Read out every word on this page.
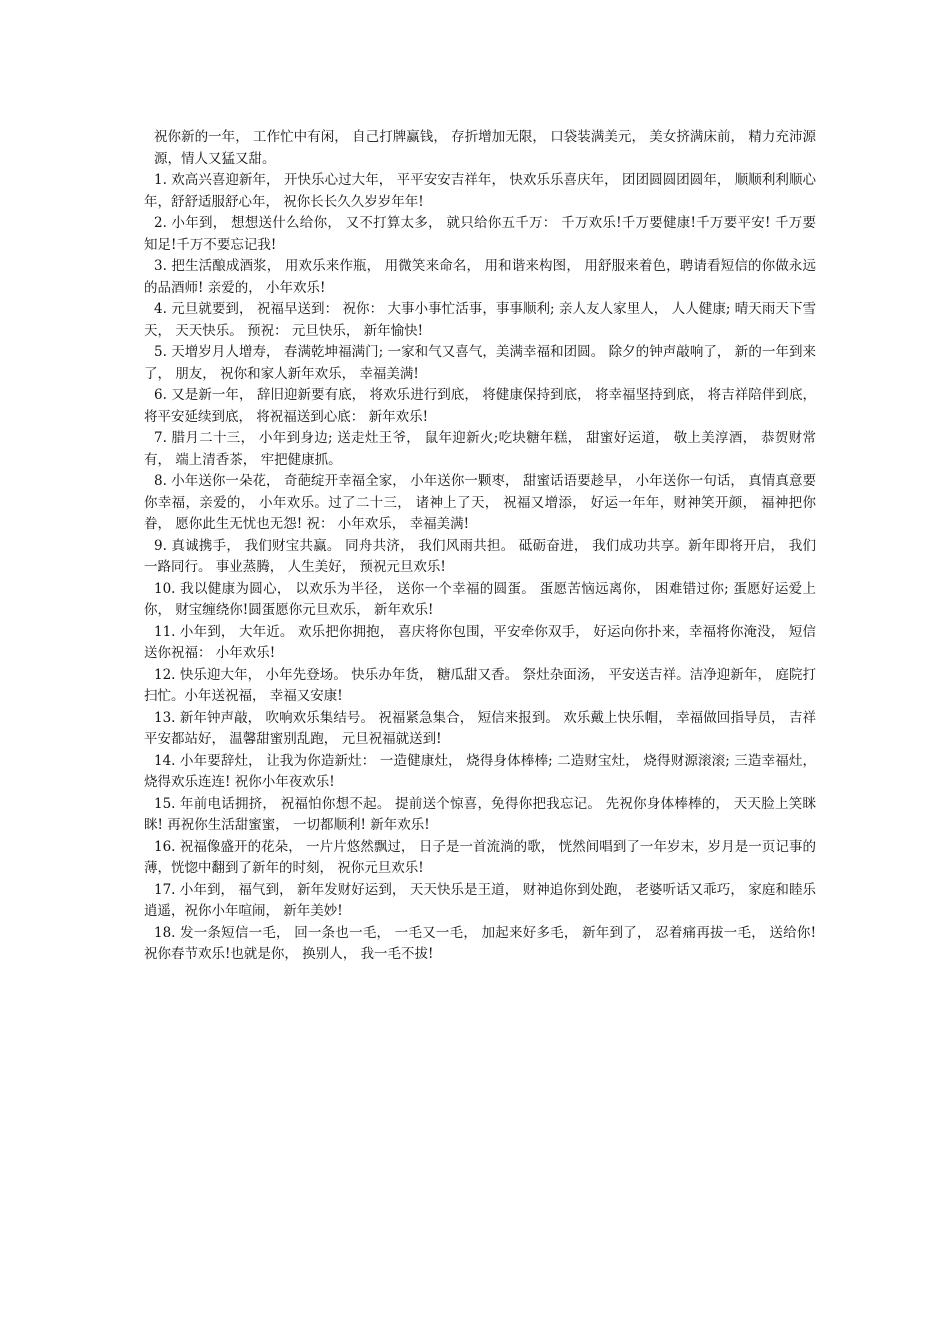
祝你新的一年， 工作忙中有闲， 自己打牌赢钱， 存折增加无限， 口袋装满美元， 美女挤满床前， 精力充沛源源，情人又猛又甜。

1. 欢高兴喜迎新年， 开快乐心过大年， 平平安安吉祥年， 快欢乐乐喜庆年， 团团圆圆团圆年， 顺顺利利顺心年，舒舒适服舒心年， 祝你长长久久岁岁年年!

2. 小年到， 想想送什么给你， 又不打算太多， 就只给你五千万： 千万欢乐!千万要健康!千万要平安! 千万要知足!千万不要忘记我!

3. 把生活酿成酒浆， 用欢乐来作瓶， 用微笑来命名， 用和谐来构图， 用舒服来着色，聘请看短信的你做永远的品酒师! 亲爱的， 小年欢乐!

4. 元旦就要到， 祝福早送到： 祝你： 大事小事忙活事，事事顺利; 亲人友人家里人， 人人健康; 晴天雨天下雪天， 天天快乐。 预祝： 元旦快乐， 新年愉快!

5. 天增岁月人增寿， 春满乾坤福满门; 一家和气又喜气，美满幸福和团圆。 除夕的钟声敲响了， 新的一年到来了， 朋友， 祝你和家人新年欢乐， 幸福美满!

6. 又是新一年， 辞旧迎新要有底， 将欢乐进行到底， 将健康保持到底， 将幸福坚持到底， 将吉祥陪伴到底， 将平安延续到底， 将祝福送到心底： 新年欢乐!

7. 腊月二十三， 小年到身边; 送走灶王爷， 鼠年迎新火;吃块糖年糕， 甜蜜好运道， 敬上美淳酒， 恭贺财常有， 端上清香茶， 牢把健康抓。

8. 小年送你一朵花， 奇葩绽开幸福全家， 小年送你一颗枣， 甜蜜话语要趁早， 小年送你一句话， 真情真意要你幸福，亲爱的， 小年欢乐。过了二十三， 诸神上了天， 祝福又增添， 好运一年年，财神笑开颜， 福神把你眷， 愿你此生无忧也无怨! 祝： 小年欢乐， 幸福美满!

9. 真诚携手， 我们财宝共赢。 同舟共济， 我们风雨共担。 砥砺奋进， 我们成功共享。新年即将开启， 我们一路同行。 事业蒸腾， 人生美好， 预祝元旦欢乐!

10. 我以健康为圆心， 以欢乐为半径， 送你一个幸福的圆蛋。 蛋愿苦恼远离你， 困难错过你; 蛋愿好运爱上你， 财宝缠绕你!圆蛋愿你元旦欢乐， 新年欢乐!

11. 小年到， 大年近。 欢乐把你拥抱， 喜庆将你包围，平安牵你双手， 好运向你扑来，幸福将你淹没， 短信送你祝福： 小年欢乐!

12. 快乐迎大年， 小年先登场。 快乐办年货， 糖瓜甜又香。 祭灶杂面汤， 平安送吉祥。洁净迎新年， 庭院打扫忙。小年送祝福， 幸福又安康!

13. 新年钟声敲， 吹响欢乐集结号。 祝福紧急集合， 短信来报到。 欢乐戴上快乐帽， 幸福做回指导员， 吉祥平安都站好， 温馨甜蜜别乱跑， 元旦祝福就送到!

14. 小年要辞灶， 让我为你造新灶： 一造健康灶， 烧得身体棒棒; 二造财宝灶， 烧得财源滚滚; 三造幸福灶， 烧得欢乐连连! 祝你小年夜欢乐!

15. 年前电话拥挤， 祝福怕你想不起。 提前送个惊喜，免得你把我忘记。 先祝你身体棒棒的， 天天脸上笑眯眯! 再祝你生活甜蜜蜜， 一切都顺利! 新年欢乐!

16. 祝福像盛开的花朵， 一片片悠然飘过， 日子是一首流淌的歌， 恍然间唱到了一年岁末，岁月是一页记事的薄，恍惚中翻到了新年的时刻， 祝你元旦欢乐!

17. 小年到， 福气到， 新年发财好运到， 天天快乐是王道， 财神追你到处跑， 老婆听话又乖巧， 家庭和睦乐逍遥，祝你小年喧闹， 新年美妙!

18. 发一条短信一毛， 回一条也一毛， 一毛又一毛， 加起来好多毛， 新年到了， 忍着痛再拔一毛， 送给你! 祝你春节欢乐!也就是你， 换别人， 我一毛不拔!
